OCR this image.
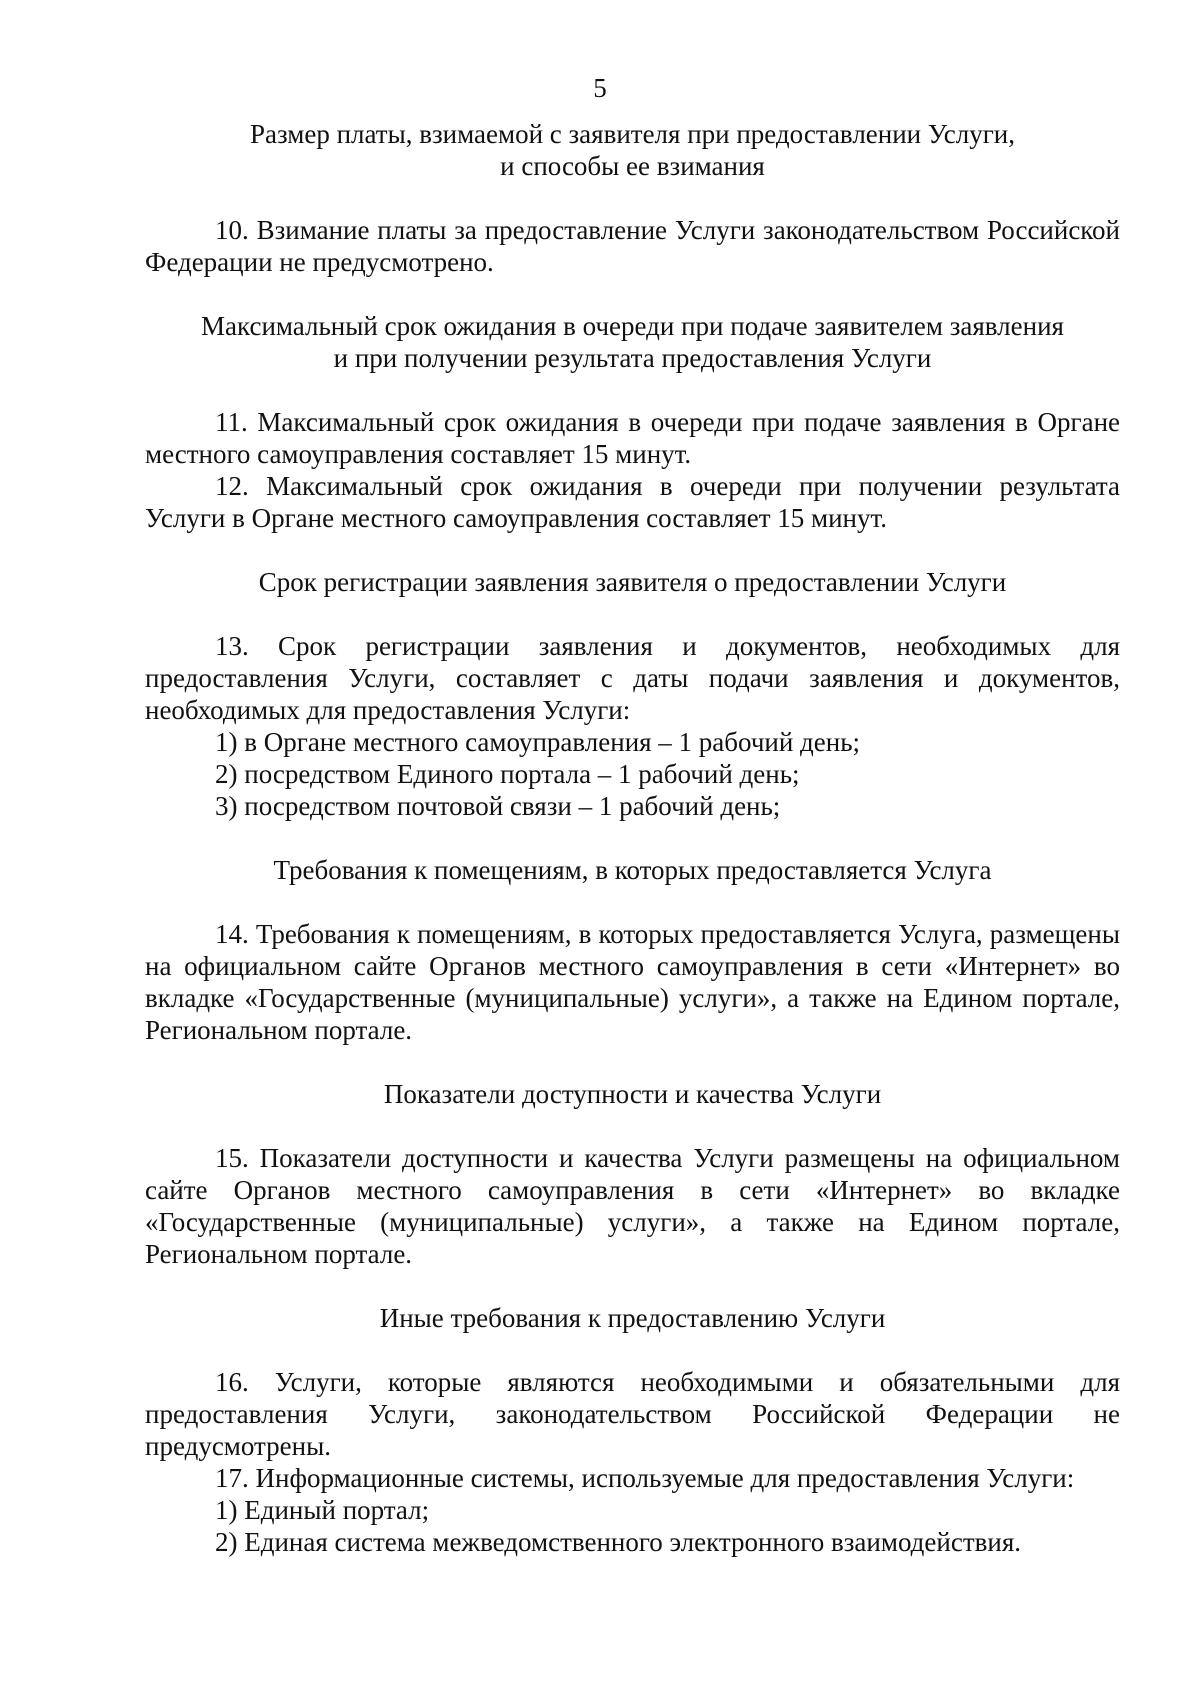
5

Размер платы, взимаемой с заявителя при предоставлении Услуги,

и способы ее взимания

10. Взимание платы за предоставление Услуги законодательством Российской Федерации не предусмотрено.

Максимальный срок ожидания в очереди при подаче заявителем заявления

и при получении результата предоставления Услуги

11. Максимальный срок ожидания в очереди при подаче заявления в Органе местного самоуправления составляет 15 минут.

12. Максимальный срок ожидания в очереди при получении результата Услуги в Органе местного самоуправления составляет 15 минут.

Срок регистрации заявления заявителя о предоставлении Услуги

13. Срок регистрации заявления и документов, необходимых для предоставления Услуги, составляет с даты подачи заявления и документов, необходимых для предоставления Услуги:

1) в Органе местного самоуправления – 1 рабочий день;

2) посредством Единого портала – 1 рабочий день;

3) посредством почтовой связи – 1 рабочий день;

Требования к помещениям, в которых предоставляется Услуга

14. Требования к помещениям, в которых предоставляется Услуга, размещены на официальном сайте Органов местного самоуправления в сети «Интернет» во вкладке «Государственные (муниципальные) услуги», а также на Едином портале, Региональном портале.

Показатели доступности и качества Услуги

15. Показатели доступности и качества Услуги размещены на официальном сайте Органов местного самоуправления в сети «Интернет» во вкладке «Государственные (муниципальные) услуги», а также на Едином портале, Региональном портале.

Иные требования к предоставлению Услуги

16. Услуги, которые являются необходимыми и обязательными для предоставления Услуги, законодательством Российской Федерации не предусмотрены.

17. Информационные системы, используемые для предоставления Услуги:

1) Единый портал;

2) Единая система межведомственного электронного взаимодействия.
